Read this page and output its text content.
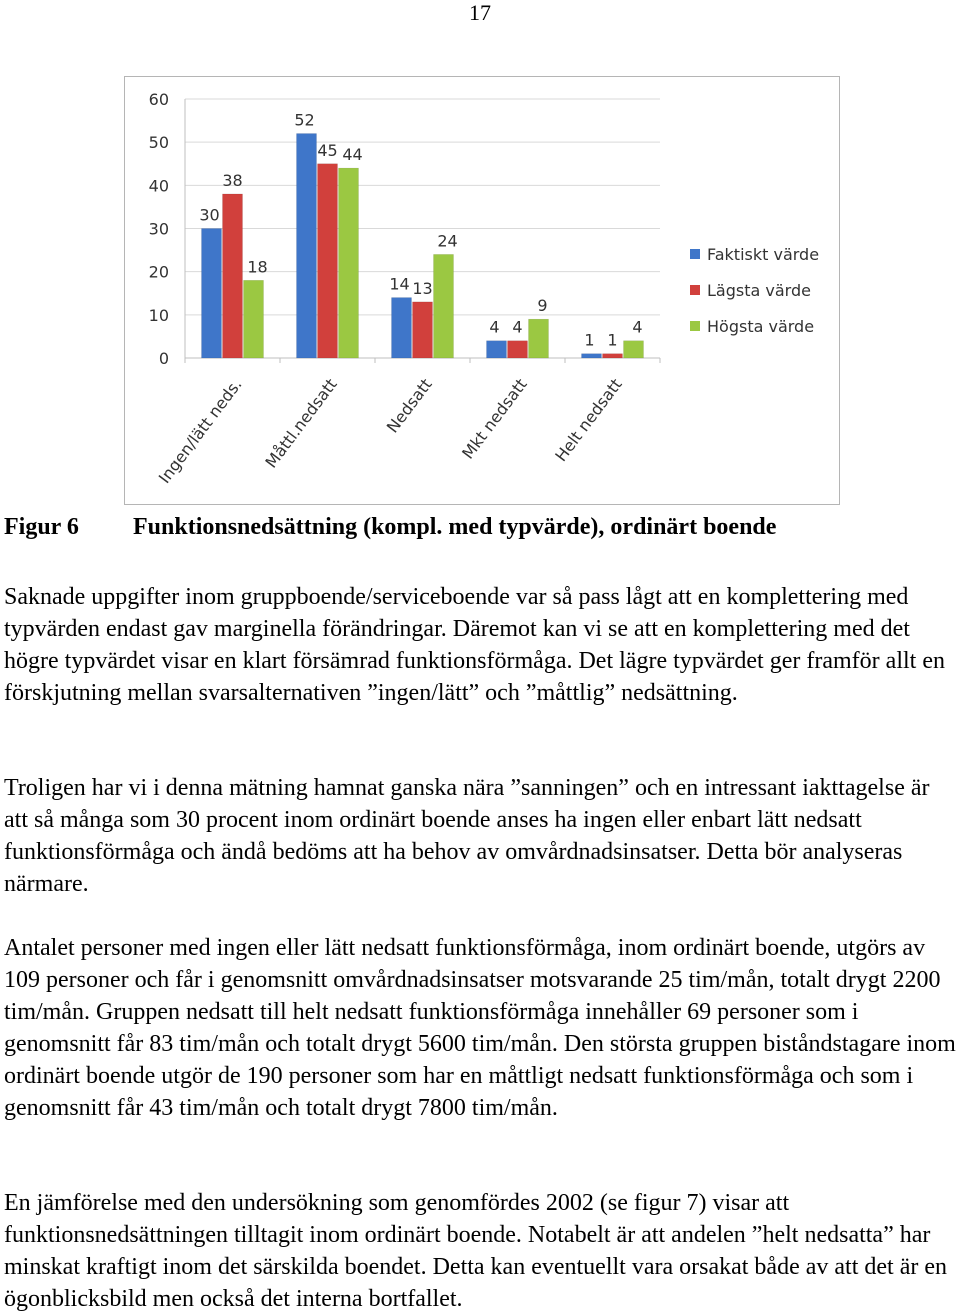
17
0
10
20
30
40
50
60
30
38
18
Ingen/lätt neds.
52
45 44
Måttl.nedsatt
14 13
24
Nedsatt
4 4
9
Mkt nedsatt
1 1
4
Helt nedsatt
Faktiskt värde
Lägsta värde
Högsta värde
Figur 6 Funktionsnedsättning (kompl. med typvärde), ordinärt boende

Saknade uppgifter inom gruppboende/serviceboende var så pass lågt att en komplettering med typvärden endast gav marginella förändringar. Däremot kan vi se att en komplettering med det högre typvärdet visar en klart försämrad funktionsförmåga. Det lägre typvärdet ger framför allt en förskjutning mellan svarsalternativen ”ingen/lätt” och ”måttlig” nedsättning.

Troligen har vi i denna mätning hamnat ganska nära ”sanningen” och en intressant iakttagelse är att så många som 30 procent inom ordinärt boende anses ha ingen eller enbart lätt nedsatt funktionsförmåga och ändå bedöms att ha behov av omvårdnadsinsatser. Detta bör analyseras närmare.

Antalet personer med ingen eller lätt nedsatt funktionsförmåga, inom ordinärt boende, utgörs av 109 personer och får i genomsnitt omvårdnadsinsatser motsvarande 25 tim/mån, totalt drygt 2200 tim/mån. Gruppen nedsatt till helt nedsatt funktionsförmåga innehåller 69 personer som i genomsnitt får 83 tim/mån och totalt drygt 5600 tim/mån. Den största gruppen biståndstagare inom ordinärt boende utgör de 190 personer som har en måttligt nedsatt funktionsförmåga och som i genomsnitt får 43 tim/mån och totalt drygt 7800 tim/mån.

En jämförelse med den undersökning som genomfördes 2002 (se figur 7) visar att funktionsnedsättningen tilltagit inom ordinärt boende. Notabelt är att andelen ”helt nedsatta” har minskat kraftigt inom det särskilda boendet. Detta kan eventuellt vara orsakat både av att det är en ögonblicksbild men också det interna bortfallet.
